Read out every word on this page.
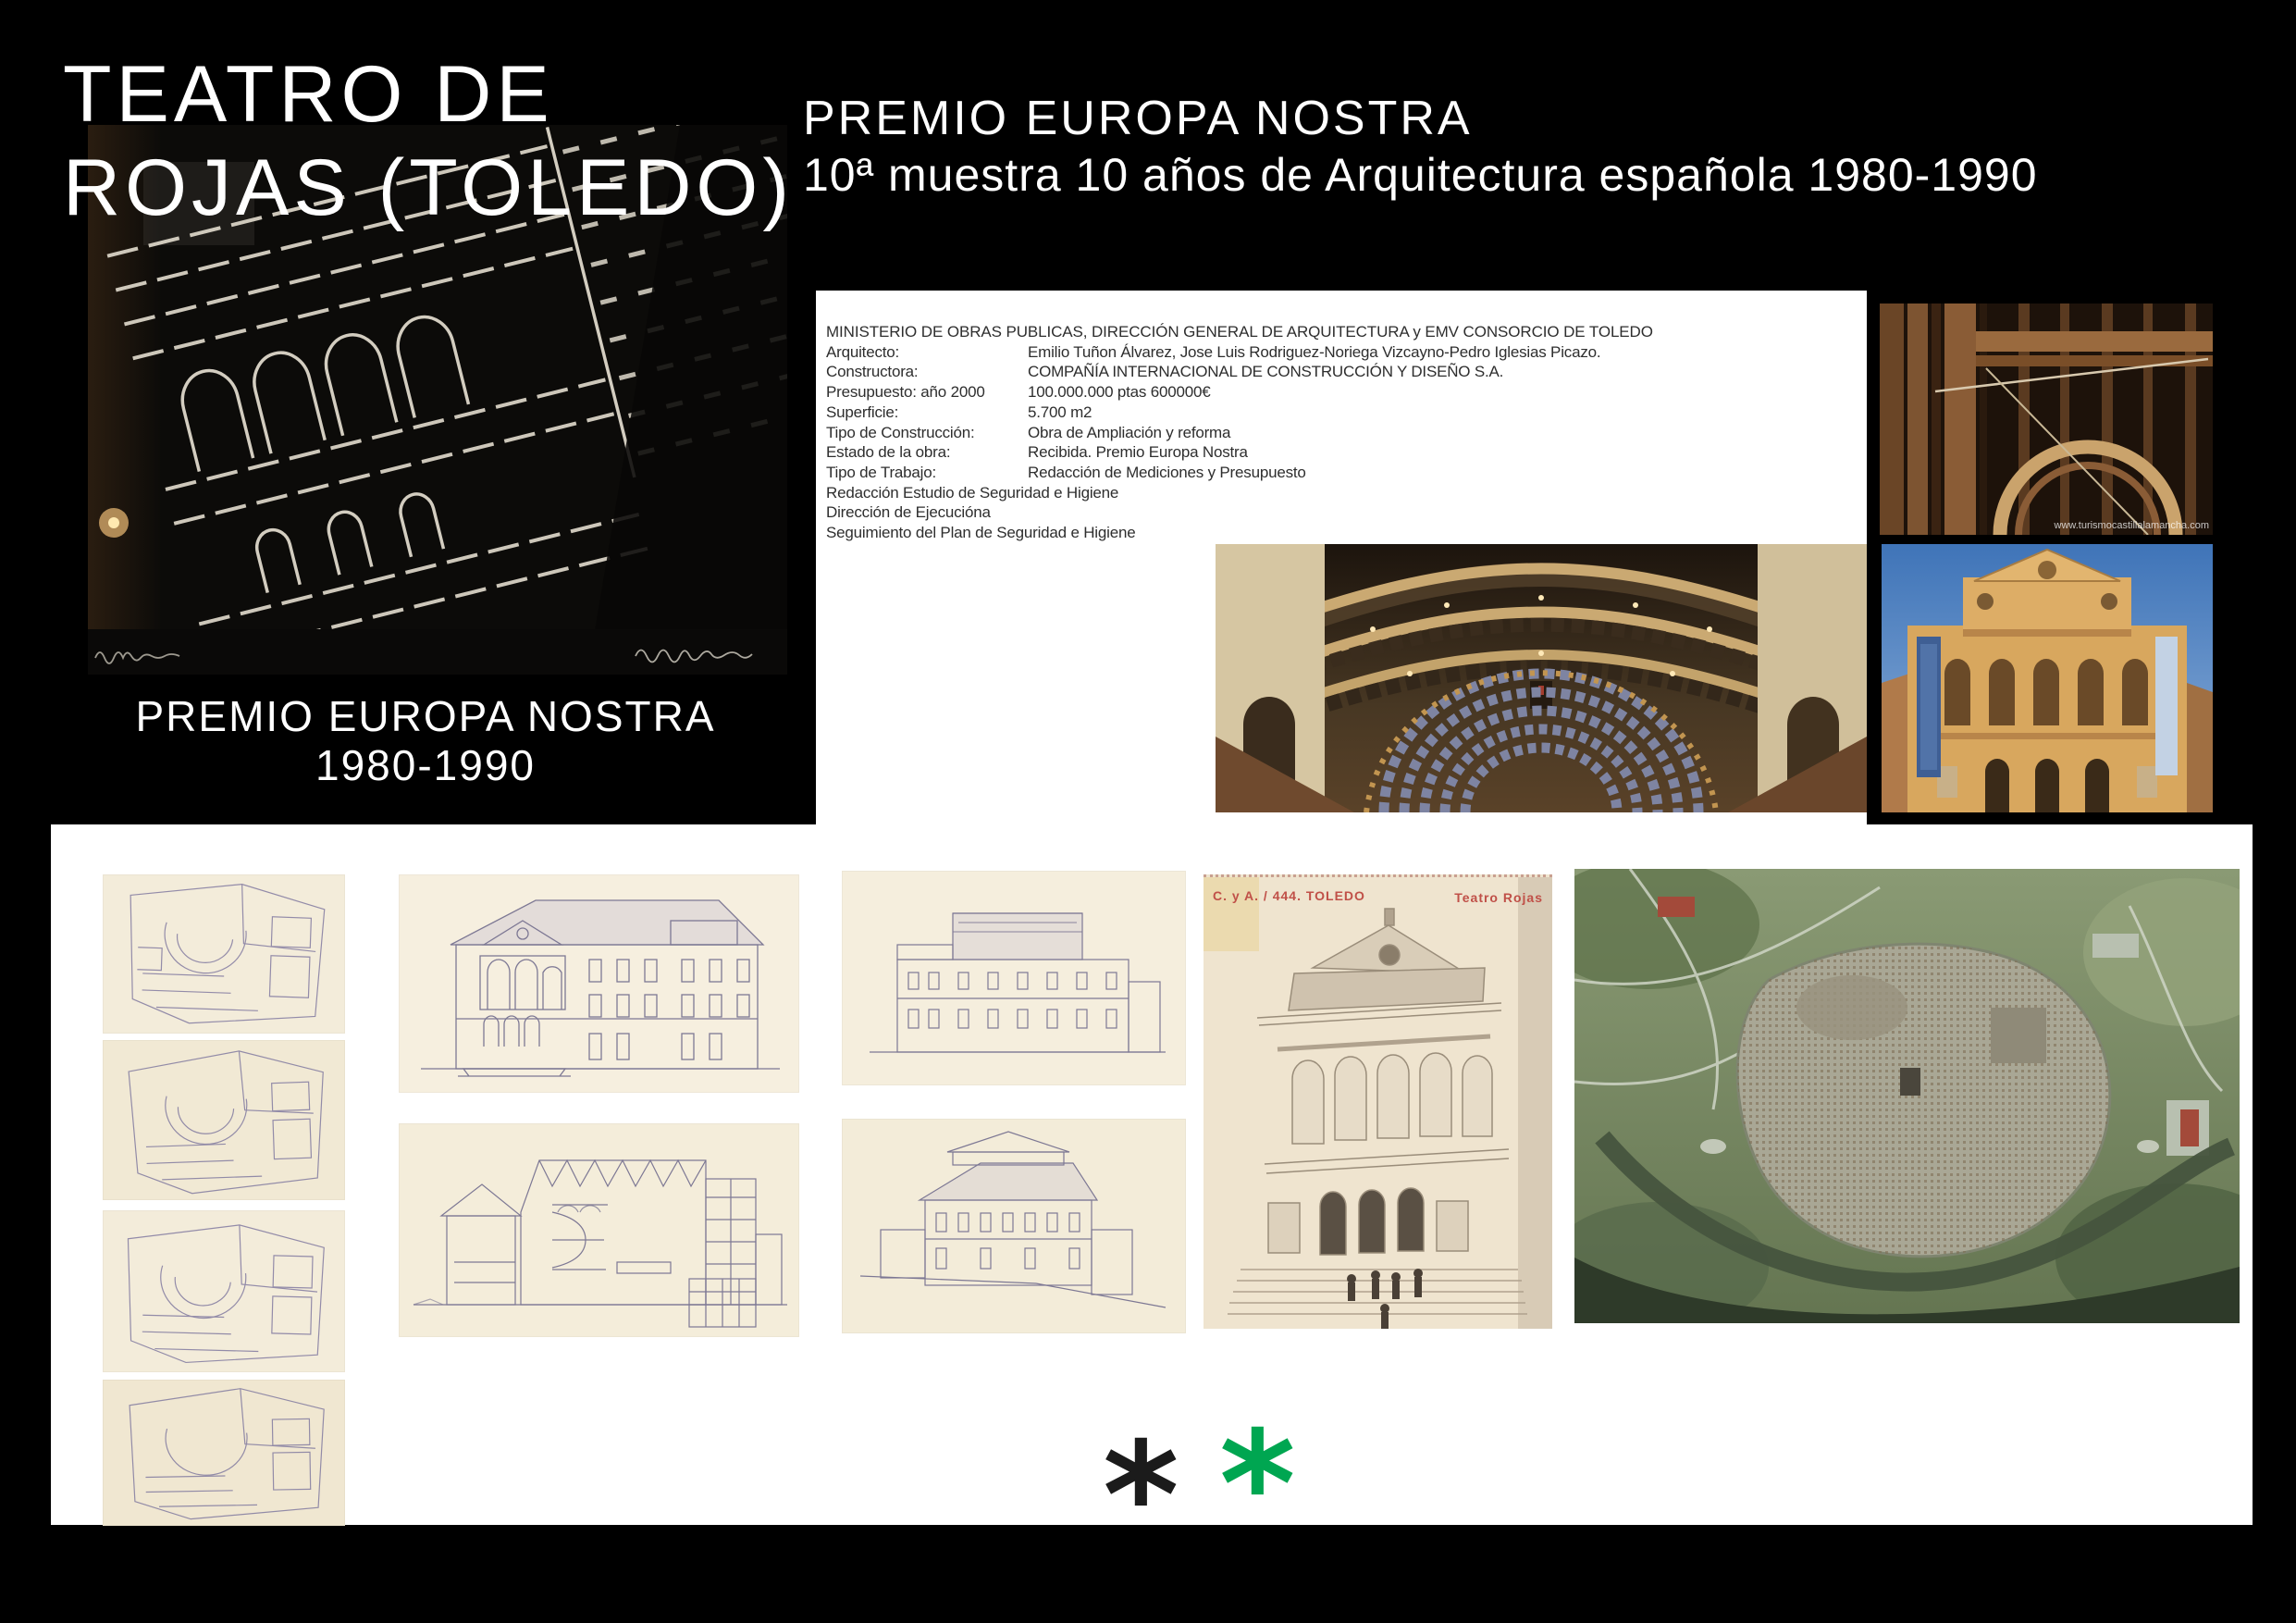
TEATRO DE
ROJAS (TOLEDO)
PREMIO EUROPA NOSTRA
1980-1990
PREMIO EUROPA NOSTRA
10ª muestra 10 años de Arquitectura española 1980-1990
MINISTERIO DE OBRAS PUBLICAS, DIRECCIÓN GENERAL DE ARQUITECTURA y EMV CONSORCIO DE TOLEDO
Arquitecto:	Emilio Tuñon Álvarez, Jose Luis Rodriguez-Noriega Vizcayno-Pedro Iglesias Picazo.
Constructora:	COMPAÑÍA INTERNACIONAL DE CONSTRUCCIÓN Y DISEÑO S.A.
Presupuesto: año 2000	100.000.000 ptas 600000€
Superficie:	5.700 m2
Tipo de Construcción:	Obra de Ampliación y reforma
Estado de la obra:	Recibida. Premio Europa Nostra
Tipo de Trabajo:	Redacción de Mediciones y Presupuesto
Redacción Estudio de Seguridad e Higiene
Dirección de Ejecucióna
Seguimiento del Plan de Seguridad e Higiene	www.turismocastillalamancha.com
C. y A. / 444. TOLEDO	Teatro Rojas
* *
